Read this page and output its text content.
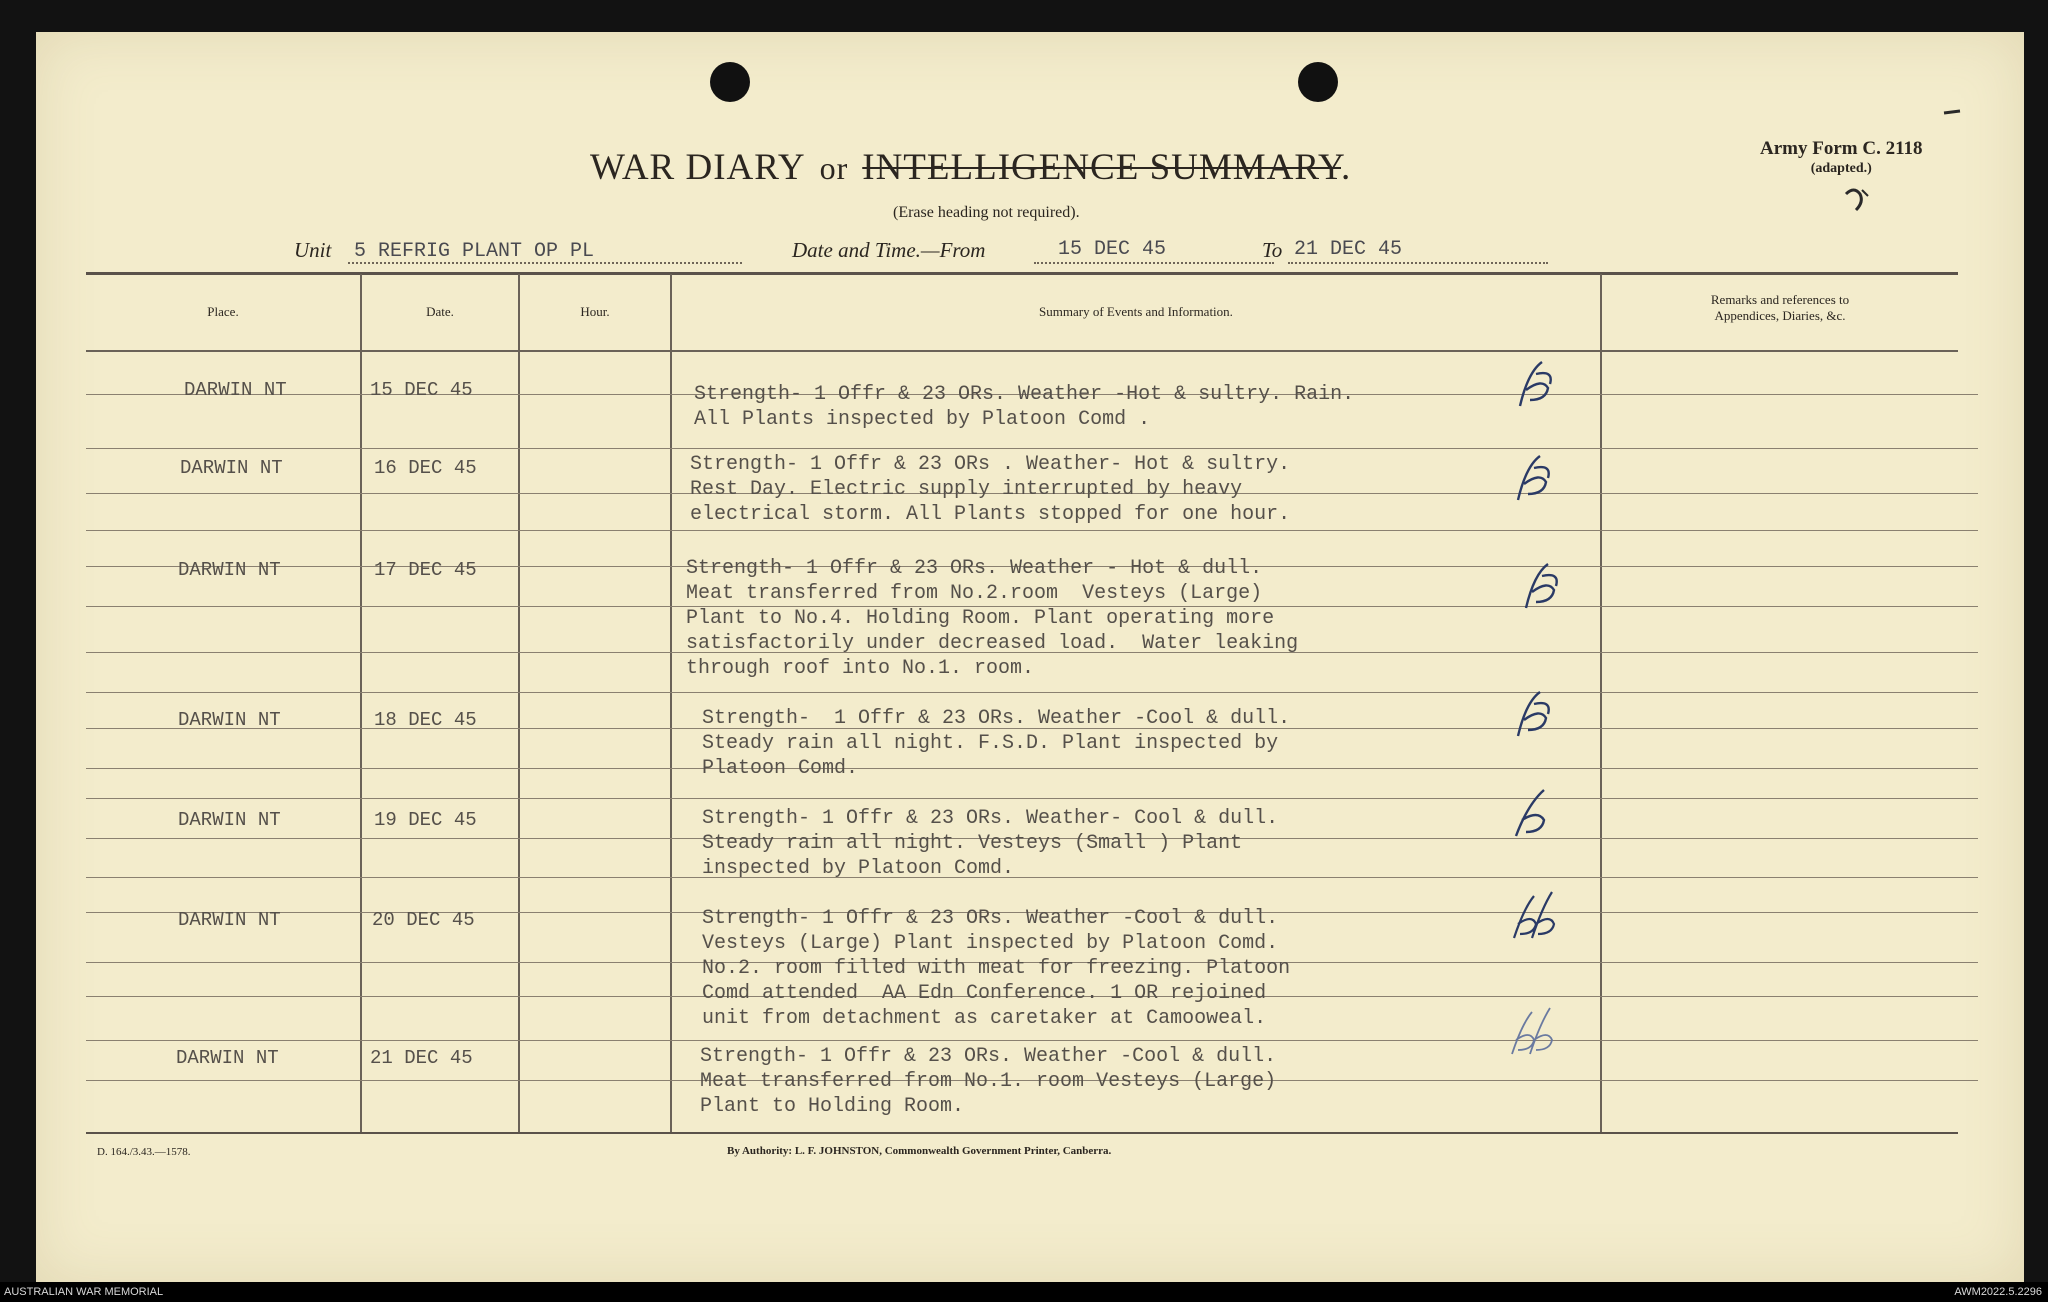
WAR DIARY or INTELLIGENCE SUMMARY.
(Erase heading not required).
Army Form C. 2118
(adapted.)
Unit 5 REFRIG PLANT OP PL	Date and Time.—From	15 DEC 45	To 21 DEC 45
Place.	Date.	Hour.	Summary of Events and Information.
Remarks and references to
Appendices, Diaries, &c.
DARWIN NT	15 DEC 45	Strength- 1 Offr & 23 ORs. Weather -Hot & sultry. Rain.
All Plants inspected by Platoon Comd .
DARWIN NT	16 DEC 45	Strength- 1 Offr & 23 ORs . Weather- Hot & sultry.
Rest Day. Electric supply interrupted by heavy
electrical storm. All Plants stopped for one hour.
DARWIN NT	17 DEC 45	Strength- 1 Offr & 23 ORs. Weather - Hot & dull.
Meat transferred from No.2.room  Vesteys (Large)
Plant to No.4. Holding Room. Plant operating more
satisfactorily under decreased load.  Water leaking
through roof into No.1. room.
DARWIN NT	18 DEC 45	Strength-  1 Offr & 23 ORs. Weather -Cool & dull.
Steady rain all night. F.S.D. Plant inspected by
Platoon Comd.
DARWIN NT	19 DEC 45	Strength- 1 Offr & 23 ORs. Weather- Cool & dull.
Steady rain all night. Vesteys (Small ) Plant
inspected by Platoon Comd.
DARWIN NT	20 DEC 45	Strength- 1 Offr & 23 ORs. Weather -Cool & dull.
Vesteys (Large) Plant inspected by Platoon Comd.
No.2. room filled with meat for freezing. Platoon
Comd attended  AA Edn Conference. 1 OR rejoined
unit from detachment as caretaker at Camooweal.
DARWIN NT	21 DEC 45	Strength- 1 Offr & 23 ORs. Weather -Cool & dull.
Meat transferred from No.1. room Vesteys (Large)
Plant to Holding Room.
D. 164./3.43.—1578.	By Authority: L. F. JOHNSTON, Commonwealth Government Printer, Canberra.
AUSTRALIAN WAR MEMORIAL	AWM2022.5.2296
